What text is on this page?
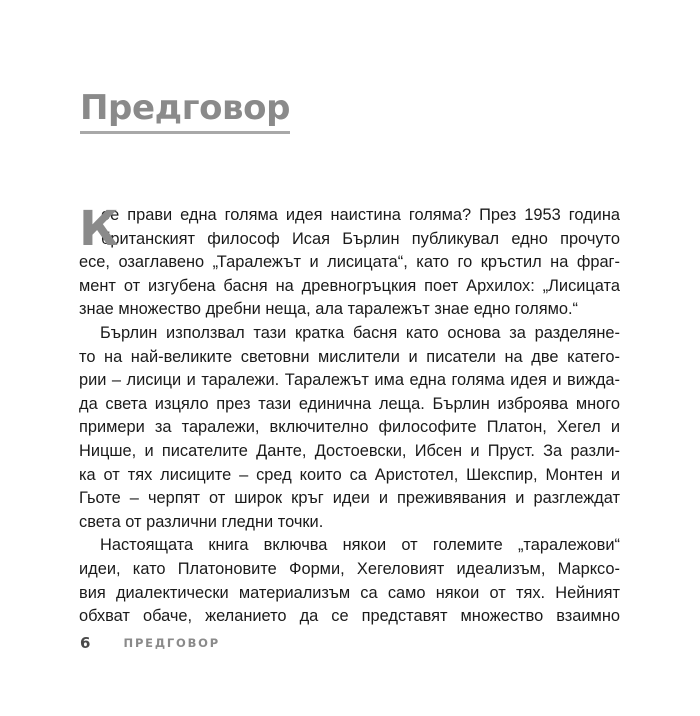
Предговор
К
ое прави една голяма идея наистина голяма? През 1953 година
британският философ Исая Бърлин публикувал едно прочуто
есе, озаглавено „Таралежът и лисицата“, като го кръстил на фраг-
мент от изгубена басня на древногръцкия поет Архилох: „Лисицата
знае множество дребни неща, ала таралежът знае едно голямо.“
Бърлин използвал тази кратка басня като основа за разделяне-
то на най-великите световни мислители и писатели на две катего-
рии – лисици и таралежи. Таралежът има една голяма идея и вижда-
да света изцяло през тази единична леща. Бърлин изброява много
примери за таралежи, включително философите Платон, Хегел и
Ницше, и писателите Данте, Достоевски, Ибсен и Пруст. За разли-
ка от тях лисиците – сред които са Аристотел, Шекспир, Монтен и
Гьоте – черпят от широк кръг идеи и преживявания и разглеждат
света от различни гледни точки.
Настоящата книга включва някои от големите „таралежови“
идеи, като Платоновите Форми, Хегеловият идеализъм, Марксо-
вия диалектически материализъм са само някои от тях. Нейният
обхват обаче, желанието да се представят множество взаимно
6	ПРЕДГОВОР
